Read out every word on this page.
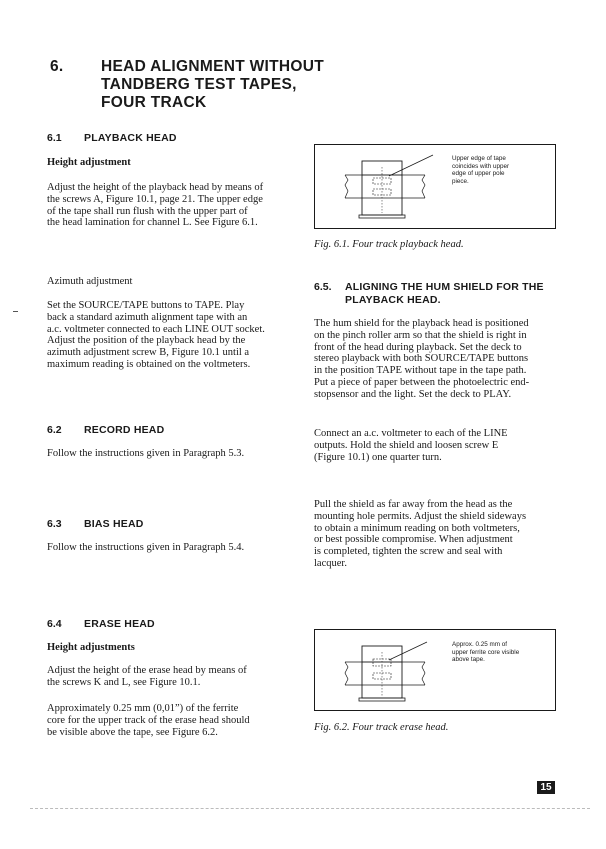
6. HEAD ALIGNMENT WITHOUT
TANDBERG TEST TAPES,
FOUR TRACK
6.1 PLAYBACK HEAD
Height adjustment
Adjust the height of the playback head by means of
the screws A, Figure 10.1, page 21. The upper edge
of the tape shall run flush with the upper part of
the head lamination for channel L. See Figure 6.1.
Azimuth adjustment
Set the SOURCE/TAPE buttons to TAPE. Play
back a standard azimuth alignment tape with an
a.c. voltmeter connected to each LINE OUT socket.
Adjust the position of the playback head by the
azimuth adjustment screw B, Figure 10.1 until a
maximum reading is obtained on the voltmeters.
6.2 RECORD HEAD
Follow the instructions given in Paragraph 5.3.
6.3 BIAS HEAD
Follow the instructions given in Paragraph 5.4.
6.4 ERASE HEAD
Height adjustments
Adjust the height of the erase head by means of
the screws K and L, see Figure 10.1.
Approximately 0.25 mm (0,01”) of the ferrite
core for the upper track of the erase head should
be visible above the tape, see Figure 6.2.
Upper edge of tape
coincides with upper
edge of upper pole
piece.
Fig. 6.1. Four track playback head.
6.5. ALIGNING THE HUM SHIELD FOR THE
PLAYBACK HEAD.
The hum shield for the playback head is positioned
on the pinch roller arm so that the shield is right in
front of the head during playback. Set the deck to
stereo playback with both SOURCE/TAPE buttons
in the position TAPE without tape in the tape path.
Put a piece of paper between the photoelectric end-
stopsensor and the light. Set the deck to PLAY.
Connect an a.c. voltmeter to each of the LINE
outputs. Hold the shield and loosen screw E
(Figure 10.1) one quarter turn.
Pull the shield as far away from the head as the
mounting hole permits. Adjust the shield sideways
to obtain a minimum reading on both voltmeters,
or best possible compromise. When adjustment
is completed, tighten the screw and seal with
lacquer.
Approx. 0.25 mm of
upper ferrite core visible
above tape.
Fig. 6.2. Four track erase head.
15
